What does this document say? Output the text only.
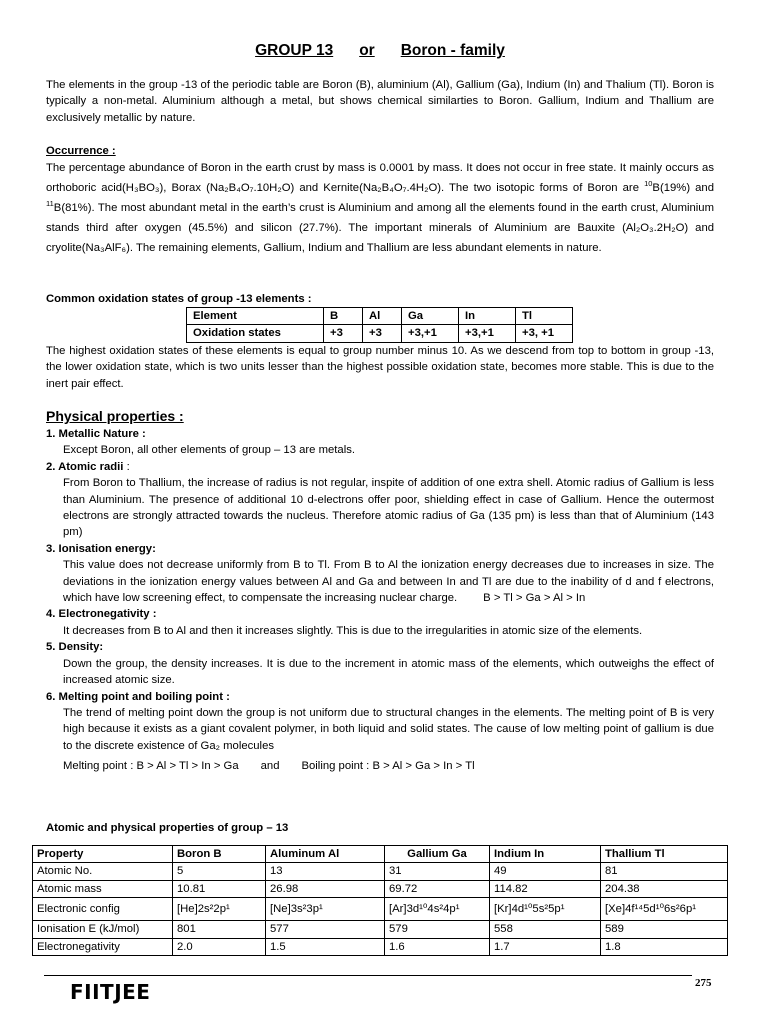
GROUP 13 or Boron - family

The elements in the group -13 of the periodic table are Boron (B), aluminium (Al), Gallium (Ga), Indium (In) and Thalium (Tl). Boron is typically a non-metal. Aluminium although a metal, but shows chemical similarties to Boron. Gallium, Indium and Thallium are exclusively metallic by nature.

Occurrence :

The percentage abundance of Boron in the earth crust by mass is 0.0001 by mass. It does not occur in free state. It mainly occurs as orthoboric acid(H₃BO₃), Borax (Na₂B₄O₇.10H₂O) and Kernite(Na₂B₄O₇.4H₂O). The two isotopic forms of Boron are $^{10}$B(19%) and $^{11}$B(81%). The most abundant metal in the earth’s crust is Aluminium and among all the elements found in the earth crust, Aluminium stands third after oxygen (45.5%) and silicon (27.7%). The important minerals of Aluminium are Bauxite (Al₂O₃.2H₂O) and cryolite(Na₃AlF₆). The remaining elements, Gallium, Indium and Thallium are less abundant elements in nature.

Common oxidation states of group -13 elements :
Element	B	Al	Ga	In	Tl
Oxidation states	+3	+3	+3,+1	+3,+1	+3, +1

The highest oxidation states of these elements is equal to group number minus 10. As we descend from top to bottom in group -13, the lower oxidation state, which is two units lesser than the highest possible oxidation state, becomes more stable. This is due to the inert pair effect.

Physical properties :
1. Metallic Nature :

Except Boron, all other elements of group – 13 are metals.

2. Atomic radii :

From Boron to Thallium, the increase of radius is not regular, inspite of addition of one extra shell. Atomic radius of Gallium is less than Aluminium. The presence of additional 10 d-electrons offer poor, shielding effect in case of Gallium. Hence the outermost electrons are strongly attracted towards the nucleus. Therefore atomic radius of Ga (135 pm) is less than that of Aluminium (143 pm)

3. Ionisation energy:

This value does not decrease uniformly from B to Tl. From B to Al the ionization energy decreases due to increases in size. The deviations in the ionization energy values between Al and Ga and between In and Tl are due to the inability of d and f electrons, which have low screening effect, to compensate the increasing nuclear charge. B > Tl > Ga > Al > In

4. Electronegativity :

It decreases from B to Al and then it increases slightly. This is due to the irregularities in atomic size of the elements.

5. Density:

Down the group, the density increases. It is due to the increment in atomic mass of the elements, which outweighs the effect of increased atomic size.

6. Melting point and boiling point :

The trend of melting point down the group is not uniform due to structural changes in the elements. The melting point of B is very high because it exists as a giant covalent polymer, in both liquid and solid states. The cause of low melting point of gallium is due to the discrete existence of Ga₂ molecules

Melting point : B > Al > Tl > In > Ga and Boiling point : B > Al > Ga > In > Tl
Atomic and physical properties of group – 13
Property	Boron B	Aluminum Al	Gallium Ga	Indium In	Thallium Tl
Atomic No.	5	13	31	49	81
Atomic mass	10.81	26.98	69.72	114.82	204.38
Electronic config	[He]2s²2p¹	[Ne]3s²3p¹	[Ar]3d¹⁰4s²4p¹	[Kr]4d¹⁰5s²5p¹	[Xe]4f¹⁴5d¹⁰6s²6p¹
Ionisation E (kJ/mol)	801	577	579	558	589
Electronegativity	2.0	1.5	1.6	1.7	1.8
FIITJEE	275
